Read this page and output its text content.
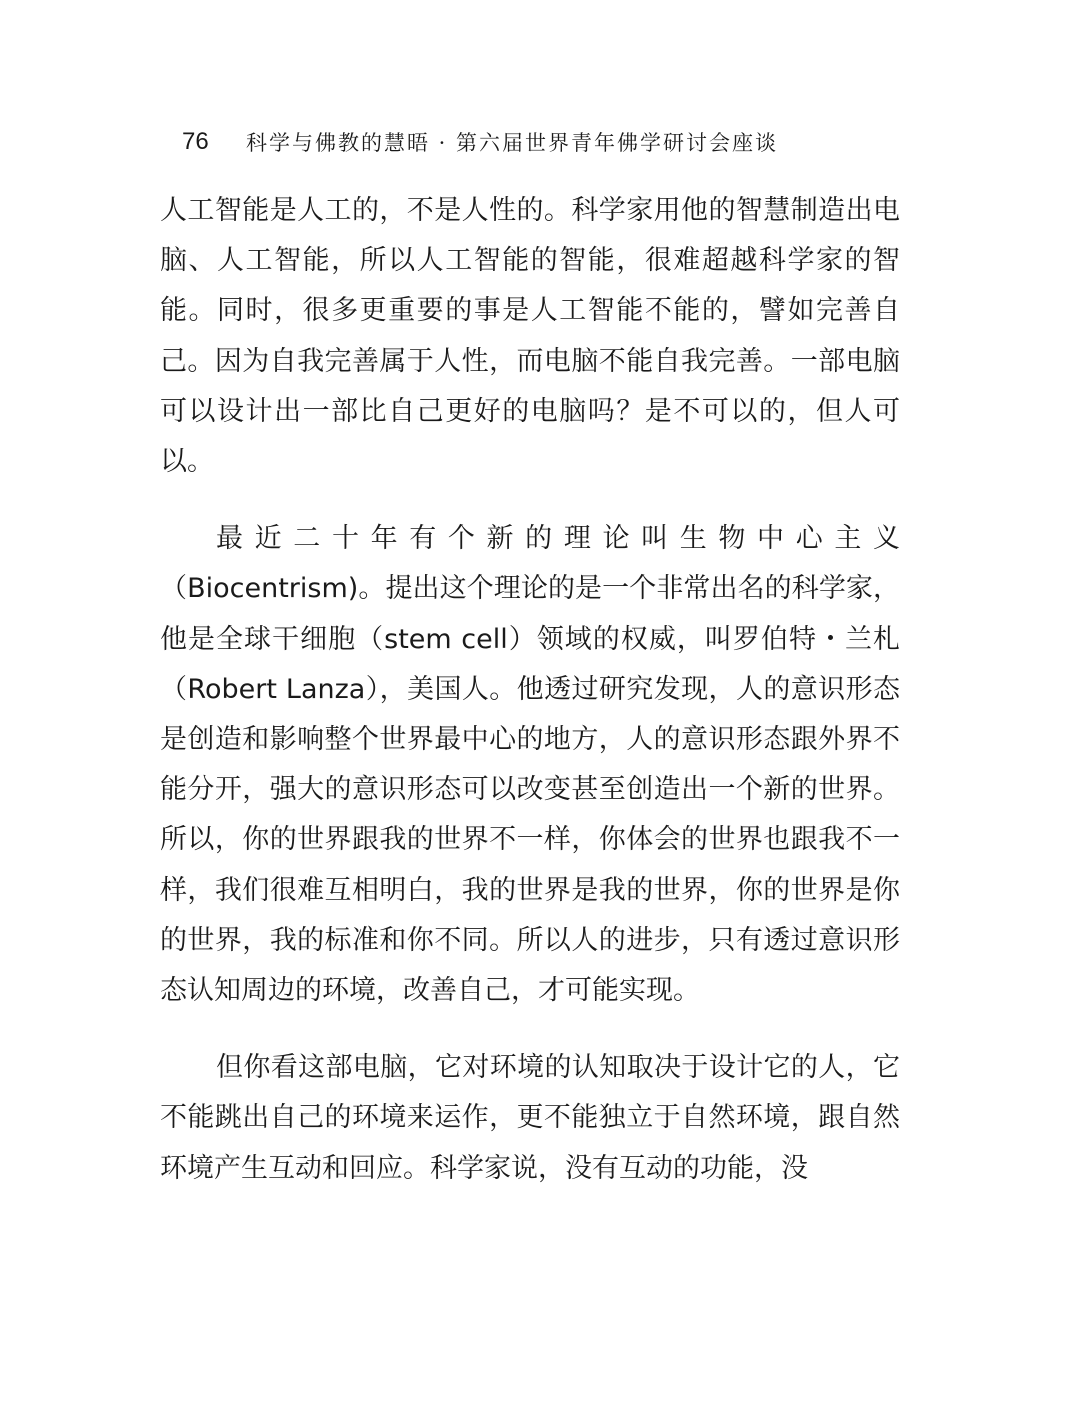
76	科学与佛教的慧晤 · 第六届世界青年佛学研讨会座谈

人工智能是人工的，不是人性的。科学家用他的智慧制造出电脑、人工智能，所以人工智能的智能，很难超越科学家的智能。同时，很多更重要的事是人工智能不能的，譬如完善自己。因为自我完善属于人性，而电脑不能自我完善。一部电脑可以设计出一部比自己更好的电脑吗？是不可以的，但人可以。

最近二十年有个新的理论叫生物中心主义（Biocentrism)。提出这个理论的是一个非常出名的科学家，他是全球干细胞（stem cell）领域的权威，叫罗伯特・兰札（Robert Lanza），美国人。他透过研究发现，人的意识形态是创造和影响整个世界最中心的地方，人的意识形态跟外界不能分开，强大的意识形态可以改变甚至创造出一个新的世界。所以，你的世界跟我的世界不一样，你体会的世界也跟我不一样，我们很难互相明白，我的世界是我的世界，你的世界是你的世界，我的标准和你不同。所以人的进步，只有透过意识形态认知周边的环境，改善自己，才可能实现。

但你看这部电脑，它对环境的认知取决于设计它的人，它不能跳出自己的环境来运作，更不能独立于自然环境，跟自然环境产生互动和回应。科学家说，没有互动的功能，没
